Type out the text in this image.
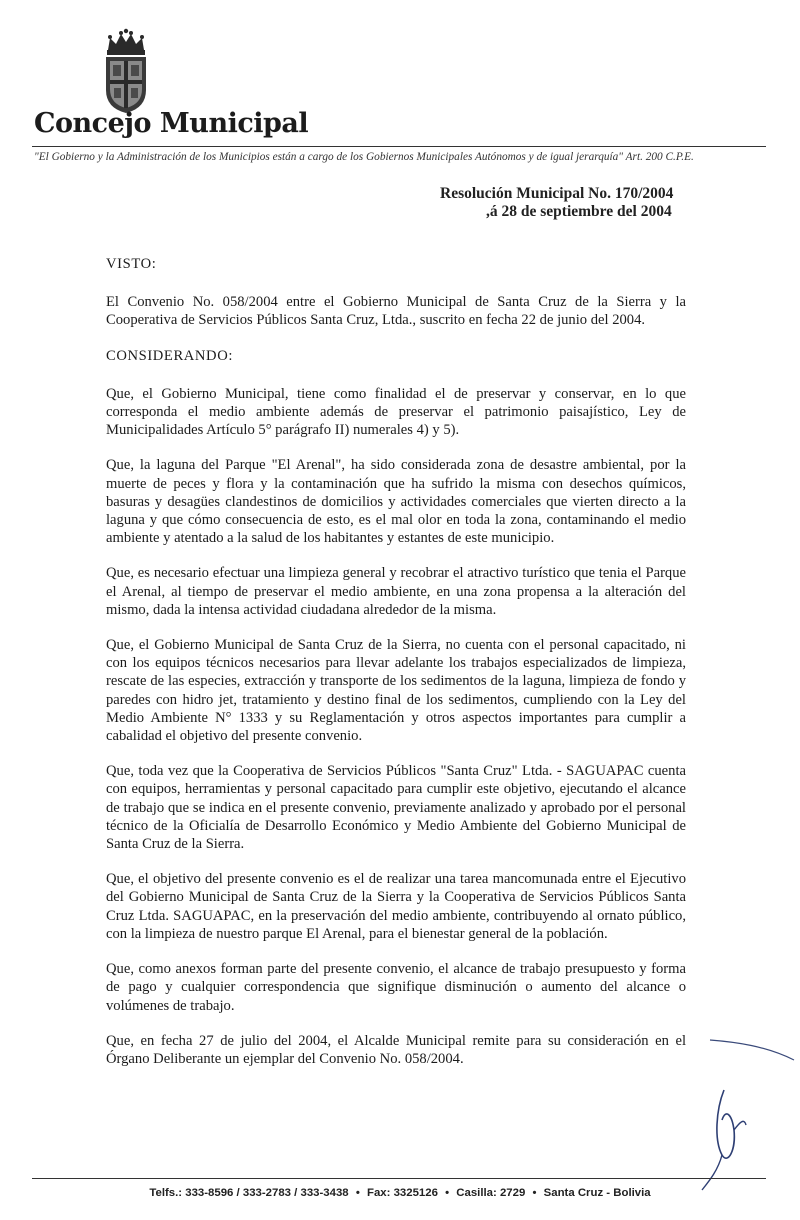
Concejo Municipal
"El Gobierno y la Administración de los Municipios están a cargo de los Gobiernos Municipales Autónomos y de igual jerarquía" Art. 200 C.P.E.
Resolución Municipal No. 170/2004
,á 28 de septiembre del 2004
VISTO:
El Convenio No. 058/2004 entre el Gobierno Municipal de Santa Cruz de la Sierra y la Cooperativa de Servicios Públicos Santa Cruz, Ltda., suscrito en fecha 22 de junio del 2004.
CONSIDERANDO:
Que, el Gobierno Municipal, tiene como finalidad el de preservar y conservar, en lo que corresponda el medio ambiente además de preservar el patrimonio paisajístico, Ley de Municipalidades Artículo 5° parágrafo II) numerales 4) y 5).
Que, la laguna del Parque "El Arenal", ha sido considerada zona de desastre ambiental, por la muerte de peces y flora y la contaminación que ha sufrido la misma con desechos químicos, basuras y desagües clandestinos de domicilios y actividades comerciales que vierten directo a la laguna y que cómo consecuencia de esto, es el mal olor en toda la zona, contaminando el medio ambiente y atentado a la salud de los habitantes y estantes de este municipio.
Que, es necesario efectuar una limpieza general y recobrar el atractivo turístico que tenia el Parque el Arenal, al tiempo de preservar el medio ambiente, en una zona propensa a la alteración del mismo, dada la intensa actividad ciudadana alrededor de la misma.
Que, el Gobierno Municipal de Santa Cruz de la Sierra, no cuenta con el personal capacitado, ni con los equipos técnicos necesarios para llevar adelante los trabajos especializados de limpieza, rescate de las especies, extracción y transporte de los sedimentos de la laguna, limpieza de fondo y paredes con hidro jet, tratamiento y destino final de los sedimentos, cumpliendo con la Ley del Medio Ambiente N° 1333 y su Reglamentación y otros aspectos importantes para cumplir a cabalidad el objetivo del presente convenio.
Que, toda vez que la Cooperativa de Servicios Públicos "Santa Cruz" Ltda. - SAGUAPAC cuenta con equipos, herramientas y personal capacitado para cumplir este objetivo, ejecutando el alcance de trabajo que se indica en el presente convenio, previamente analizado y aprobado por el personal técnico de la Oficialía de Desarrollo Económico y Medio Ambiente del Gobierno Municipal de Santa Cruz de la Sierra.
Que, el objetivo del presente convenio es el de realizar una tarea mancomunada entre el Ejecutivo del Gobierno Municipal de Santa Cruz de la Sierra y la Cooperativa de Servicios Públicos Santa Cruz Ltda. SAGUAPAC, en la preservación del medio ambiente, contribuyendo al ornato público, con la limpieza de nuestro parque El Arenal, para el bienestar general de la población.
Que, como anexos forman parte del presente convenio, el alcance de trabajo presupuesto y forma de pago y cualquier correspondencia que signifique disminución o aumento del alcance o volúmenes de trabajo.
Que, en fecha 27 de julio del 2004, el Alcalde Municipal remite para su consideración en el Órgano Deliberante un ejemplar del Convenio No. 058/2004.
Telfs.: 333-8596 / 333-2783 / 333-3438 • Fax: 3325126 • Casilla: 2729 • Santa Cruz - Bolivia
